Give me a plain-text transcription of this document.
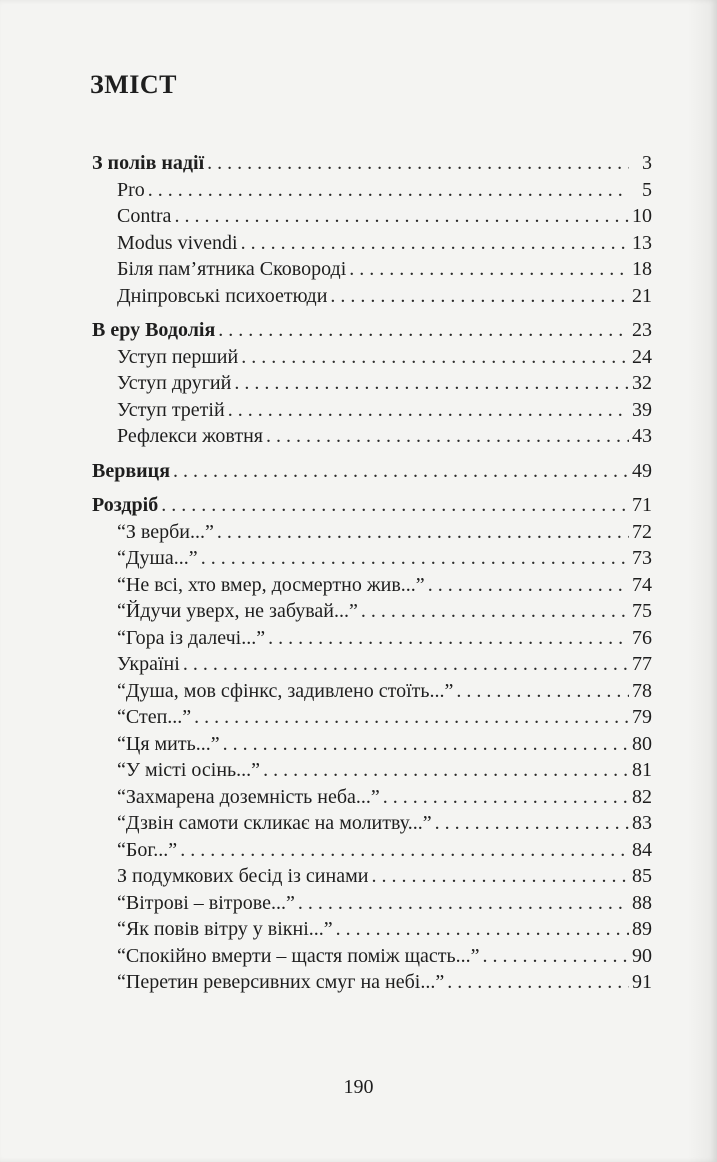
ЗМІСТ
З полів надії . . .	3
Pro . . .	5
Contra . . .	10
Modus vivendi . . .	13
Біля пам’ятника Сковороді . . .	18
Дніпровські психоетюди . . .	21
В еру Водолія . . .	23
Уступ перший . . .	24
Уступ другий . . .	32
Уступ третій . . .	39
Рефлекси жовтня . . .	43
Вервиця . . .	49
Роздріб . . .	71
“З верби...” . . .	72
“Душа...” . . .	73
“Не всі, хто вмер, досмертно жив...” . . .	74
“Йдучи уверх, не забувай...” . . .	75
“Гора із далечі...” . . .	76
Україні . . .	77
“Душа, мов сфінкс, задивлено стоїть...” . . .	78
“Степ...” . . .	79
“Ця мить...” . . .	80
“У місті осінь...” . . .	81
“Захмарена доземність неба...” . . .	82
“Дзвін самоти скликає на молитву...” . . .	83
“Бог...” . . .	84
З подумкових бесід із синами . . .	85
“Вітрові – вітрове...” . . .	88
“Як повів вітру у вікні...” . . .	89
“Спокійно вмерти – щастя поміж щасть...” . . .	90
“Перетин реверсивних смуг на небі...” . . .	91
190
